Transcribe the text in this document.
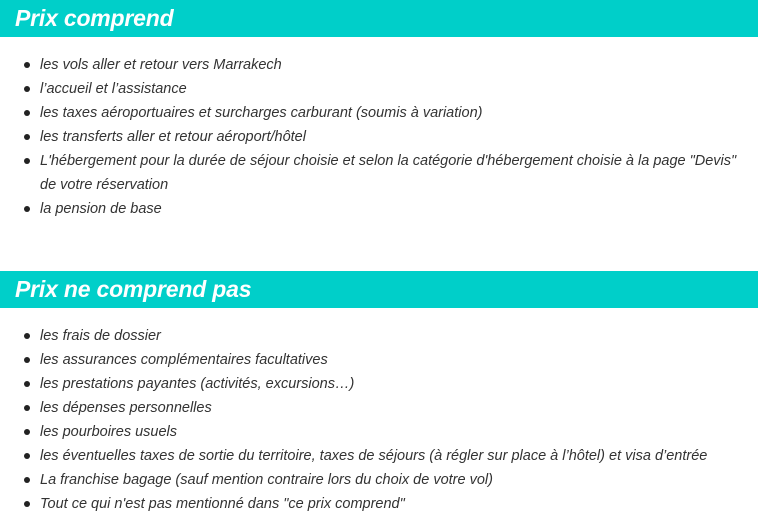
Prix comprend
les vols aller et retour vers Marrakech
l’accueil et l’assistance
les taxes aéroportuaires et surcharges carburant (soumis à variation)
les transferts aller et retour aéroport/hôtel
L'hébergement pour la durée de séjour choisie et selon la catégorie d'hébergement choisie à la page "Devis" de votre réservation
la pension de base
Prix ne comprend pas
les frais de dossier
les assurances complémentaires facultatives
les prestations payantes (activités, excursions…)
les dépenses personnelles
les pourboires usuels
les éventuelles taxes de sortie du territoire, taxes de séjours (à régler sur place à l’hôtel) et visa d’entrée
La franchise bagage (sauf mention contraire lors du choix de votre vol)
Tout ce qui n'est pas mentionné dans "ce prix comprend"
